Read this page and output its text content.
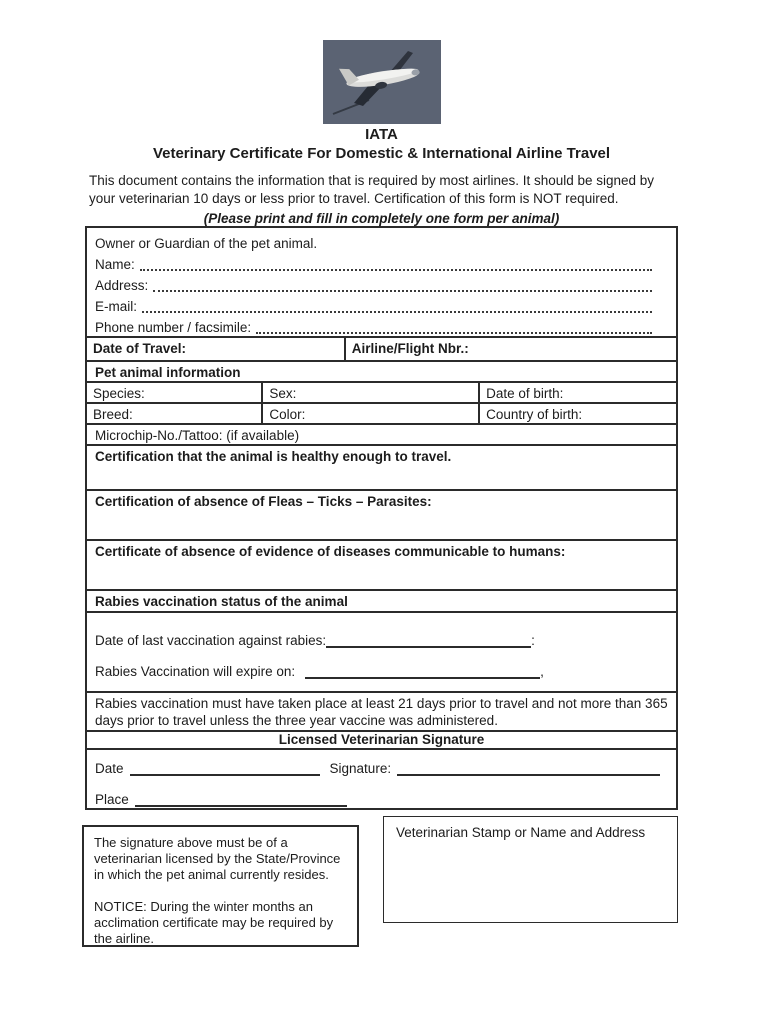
IATA
Veterinary Certificate For Domestic & International Airline Travel

This document contains the information that is required by most airlines. It should be signed by your veterinarian 10 days or less prior to travel. Certification of this form is NOT required.

(Please print and fill in completely one form per animal)
Owner or Guardian of the pet animal.
Name:
Address:
E-mail:
Phone number / facsimile:
Date of Travel:	Airline/Flight Nbr.:
Pet animal information
Species:	Sex:	Date of birth:
Breed:	Color:	Country of birth:
Microchip-No./Tattoo: (if available)
Certification that the animal is healthy enough to travel.
Certification of absence of Fleas – Ticks – Parasites:
Certificate of absence of evidence of diseases communicable to humans:
Rabies vaccination status of the animal
Date of last vaccination against rabies:	:
Rabies Vaccination will expire on:	,
Rabies vaccination must have taken place at least 21 days prior to travel and not more than 365 days prior to travel unless the three year vaccine was administered.
Licensed Veterinarian Signature
Date	Signature:
Place

The signature above must be of a veterinarian licensed by the State/Province in which the pet animal currently resides.

NOTICE: During the winter months an acclimation certificate may be required by the airline.

Veterinarian Stamp or Name and Address
